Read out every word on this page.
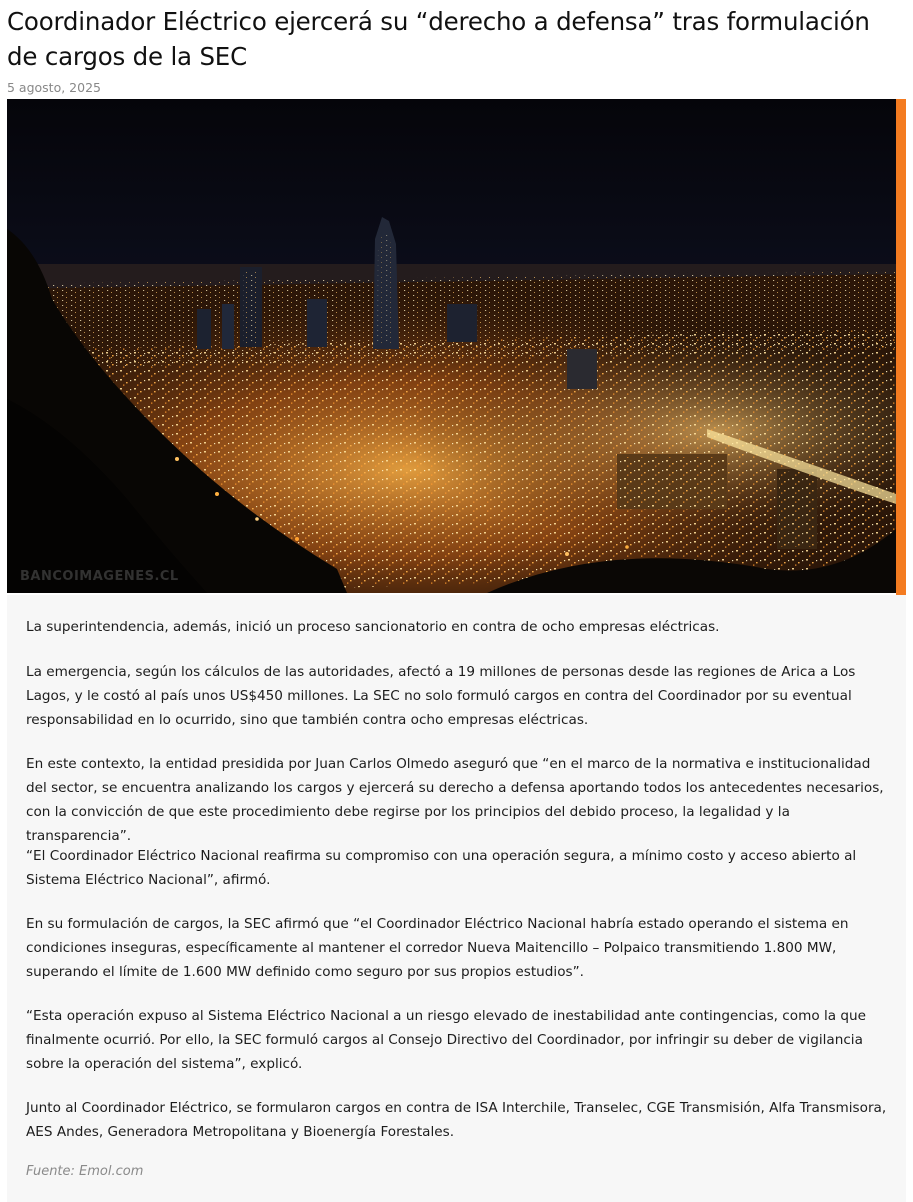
Coordinador Eléctrico ejercerá su “derecho a defensa” tras formulación de cargos de la SEC
5 agosto, 2025
BANCOIMAGENES.CL

La superintendencia, además, inició un proceso sancionatorio en contra de ocho empresas eléctricas.

La emergencia, según los cálculos de las autoridades, afectó a 19 millones de personas desde las regiones de Arica a Los Lagos, y le costó al país unos US$450 millones. La SEC no solo formuló cargos en contra del Coordinador por su eventual responsabilidad en lo ocurrido, sino que también contra ocho empresas eléctricas.

En este contexto, la entidad presidida por Juan Carlos Olmedo aseguró que “en el marco de la normativa e institucionalidad del sector, se encuentra analizando los cargos y ejercerá su derecho a defensa aportando todos los antecedentes necesarios, con la convicción de que este procedimiento debe regirse por los principios del debido proceso, la legalidad y la transparencia”.

“El Coordinador Eléctrico Nacional reafirma su compromiso con una operación segura, a mínimo costo y acceso abierto al Sistema Eléctrico Nacional”, afirmó.

En su formulación de cargos, la SEC afirmó que “el Coordinador Eléctrico Nacional habría estado operando el sistema en condiciones inseguras, específicamente al mantener el corredor Nueva Maitencillo – Polpaico transmitiendo 1.800 MW, superando el límite de 1.600 MW definido como seguro por sus propios estudios”.

“Esta operación expuso al Sistema Eléctrico Nacional a un riesgo elevado de inestabilidad ante contingencias, como la que finalmente ocurrió. Por ello, la SEC formuló cargos al Consejo Directivo del Coordinador, por infringir su deber de vigilancia sobre la operación del sistema”, explicó.

Junto al Coordinador Eléctrico, se formularon cargos en contra de ISA Interchile, Transelec, CGE Transmisión, Alfa Transmisora, AES Andes, Generadora Metropolitana y Bioenergía Forestales.

Fuente: Emol.com
